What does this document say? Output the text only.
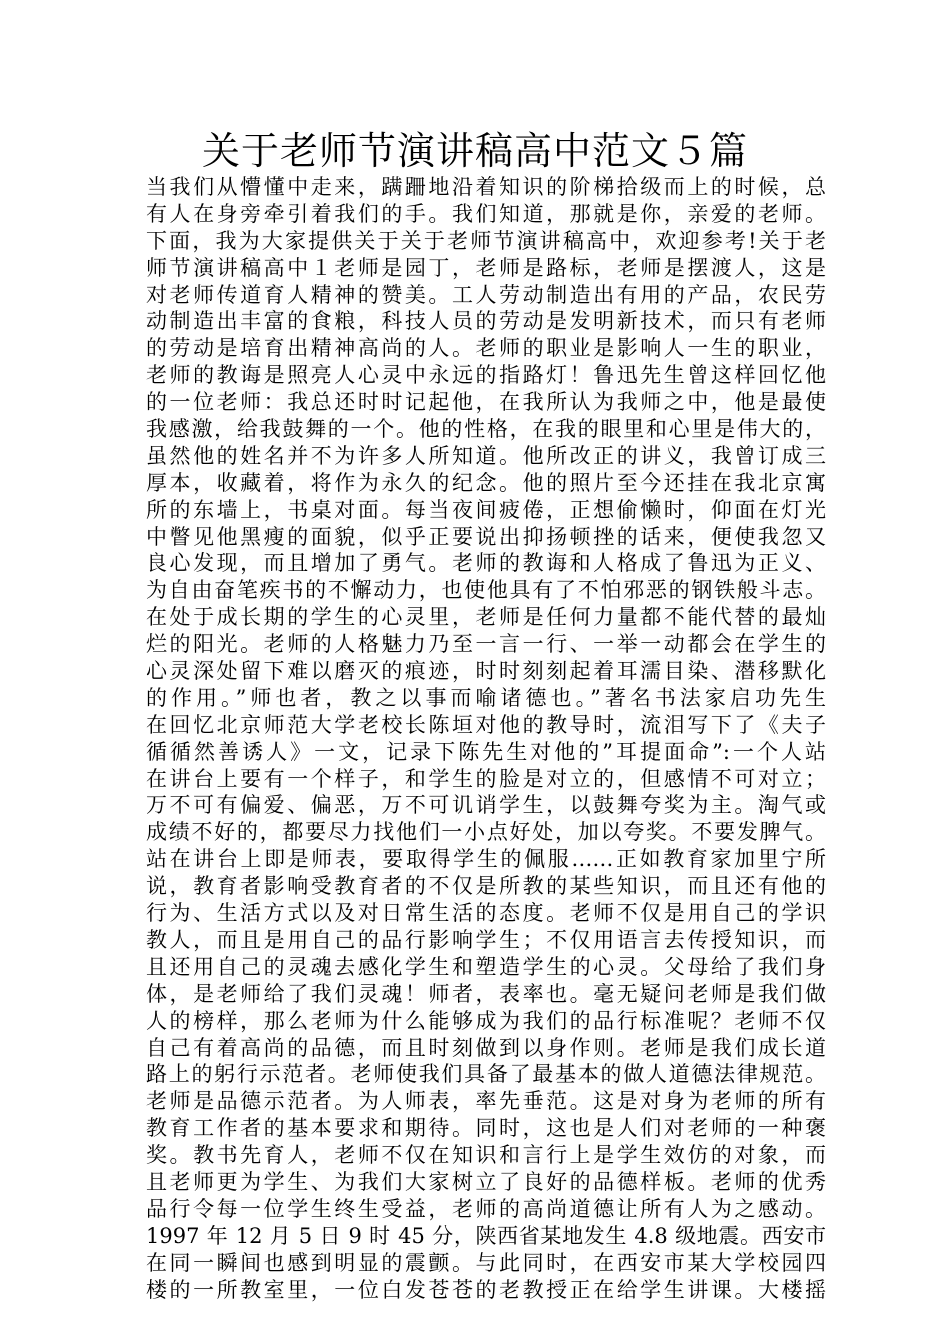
关于老师节演讲稿高中范文５篇
当我们从懵懂中走来，蹒跚地沿着知识的阶梯拾级而上的时候，总
有人在身旁牵引着我们的手。我们知道，那就是你，亲爱的老师。
下面，我为大家提供关于关于老师节演讲稿高中，欢迎参考!关于老
师节演讲稿高中１老师是园丁，老师是路标，老师是摆渡人，这是
对老师传道育人精神的赞美。工人劳动制造出有用的产品，农民劳
动制造出丰富的食粮，科技人员的劳动是发明新技术，而只有老师
的劳动是培育出精神高尚的人。老师的职业是影响人一生的职业，
老师的教诲是照亮人心灵中永远的指路灯！鲁迅先生曾这样回忆他
的一位老师：我总还时时记起他，在我所认为我师之中，他是最使
我感激，给我鼓舞的一个。他的性格，在我的眼里和心里是伟大的，
虽然他的姓名并不为许多人所知道。他所改正的讲义，我曾订成三
厚本，收藏着，将作为永久的纪念。他的照片至今还挂在我北京寓
所的东墙上，书桌对面。每当夜间疲倦，正想偷懒时，仰面在灯光
中瞥见他黑瘦的面貌，似乎正要说出抑扬顿挫的话来，便使我忽又
良心发现，而且增加了勇气。老师的教诲和人格成了鲁迅为正义、
为自由奋笔疾书的不懈动力，也使他具有了不怕邪恶的钢铁般斗志。
在处于成长期的学生的心灵里，老师是任何力量都不能代替的最灿
烂的阳光。老师的人格魅力乃至一言一行、一举一动都会在学生的
心灵深处留下难以磨灭的痕迹，时时刻刻起着耳濡目染、潜移默化
的作用。”师也者，教之以事而喻诸德也。”著名书法家启功先生
在回忆北京师范大学老校长陈垣对他的教导时，流泪写下了《夫子
循循然善诱人》一文，记录下陈先生对他的”耳提面命”:一个人站
在讲台上要有一个样子，和学生的脸是对立的，但感情不可对立；
万不可有偏爱、偏恶，万不可讥诮学生，以鼓舞夸奖为主。淘气或
成绩不好的，都要尽力找他们一小点好处，加以夸奖。不要发脾气。
站在讲台上即是师表，要取得学生的佩服……正如教育家加里宁所
说，教育者影响受教育者的不仅是所教的某些知识，而且还有他的
行为、生活方式以及对日常生活的态度。老师不仅是用自己的学识
教人，而且是用自己的品行影响学生；不仅用语言去传授知识，而
且还用自己的灵魂去感化学生和塑造学生的心灵。父母给了我们身
体，是老师给了我们灵魂！师者，表率也。毫无疑问老师是我们做
人的榜样，那么老师为什么能够成为我们的品行标准呢？老师不仅
自己有着高尚的品德，而且时刻做到以身作则。老师是我们成长道
路上的躬行示范者。老师使我们具备了最基本的做人道德法律规范。
老师是品德示范者。为人师表，率先垂范。这是对身为老师的所有
教育工作者的基本要求和期待。同时，这也是人们对老师的一种褒
奖。教书先育人，老师不仅在知识和言行上是学生效仿的对象，而
且老师更为学生、为我们大家树立了良好的品德样板。老师的优秀
品行令每一位学生终生受益，老师的高尚道德让所有人为之感动。
1997 年 12 月 5 日 9 时 45 分，陕西省某地发生 4.8 级地震。西安市
在同一瞬间也感到明显的震颤。与此同时，在西安市某大学校园四
楼的一所教室里，一位白发苍苍的老教授正在给学生讲课。大楼摇
